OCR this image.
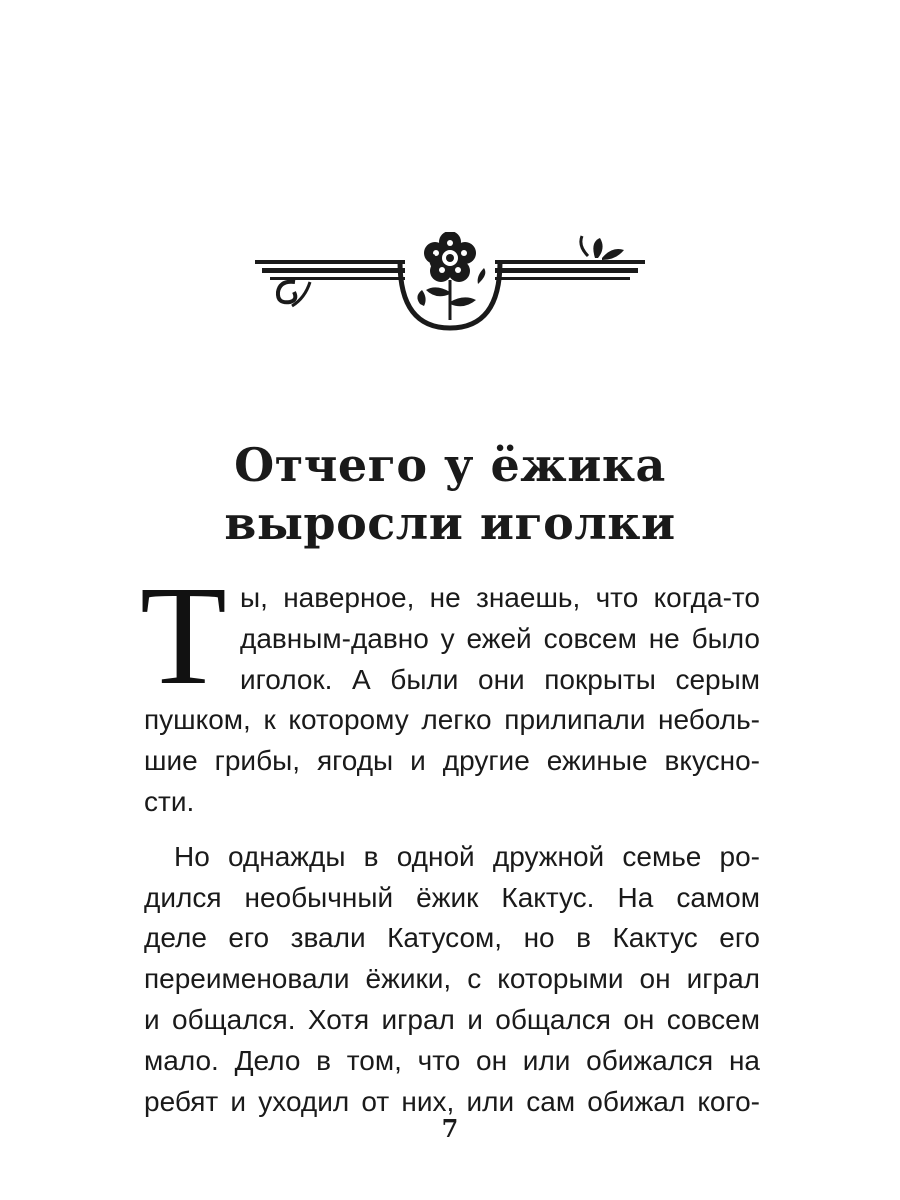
Отчего у ёжика
выросли иголки
Т ы, наверное, не знаешь, что когда-то
давным-давно у ежей совсем не было
иголок. А были они покрыты серым
пушком, к которому легко прилипали неболь-
шие грибы, ягоды и другие ежиные вкусно-
сти.
Но однажды в одной дружной семье ро-
дился необычный ёжик Кактус. На самом
деле его звали Катусом, но в Кактус его
переименовали ёжики, с которыми он играл
и общался. Хотя играл и общался он совсем
мало. Дело в том, что он или обижался на
ребят и уходил от них, или сам обижал кого-
7
